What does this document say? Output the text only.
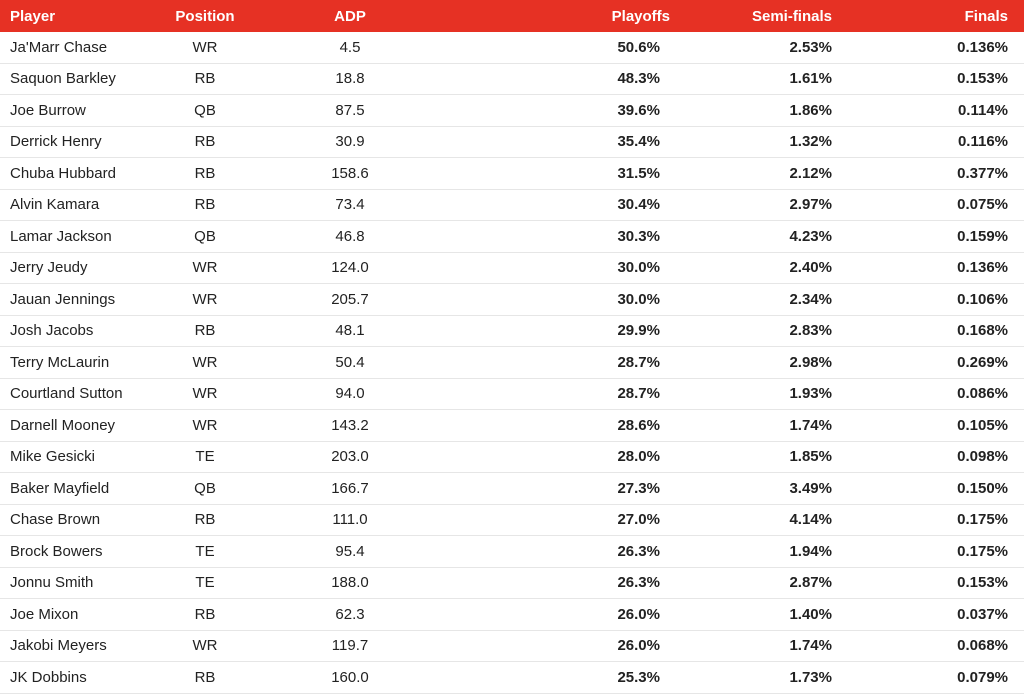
Player	Position	ADP	Playoffs	Semi-finals	Finals
Ja'Marr Chase	WR	4.5	50.6%	2.53%	0.136%
Saquon Barkley	RB	18.8	48.3%	1.61%	0.153%
Joe Burrow	QB	87.5	39.6%	1.86%	0.114%
Derrick Henry	RB	30.9	35.4%	1.32%	0.116%
Chuba Hubbard	RB	158.6	31.5%	2.12%	0.377%
Alvin Kamara	RB	73.4	30.4%	2.97%	0.075%
Lamar Jackson	QB	46.8	30.3%	4.23%	0.159%
Jerry Jeudy	WR	124.0	30.0%	2.40%	0.136%
Jauan Jennings	WR	205.7	30.0%	2.34%	0.106%
Josh Jacobs	RB	48.1	29.9%	2.83%	0.168%
Terry McLaurin	WR	50.4	28.7%	2.98%	0.269%
Courtland Sutton	WR	94.0	28.7%	1.93%	0.086%
Darnell Mooney	WR	143.2	28.6%	1.74%	0.105%
Mike Gesicki	TE	203.0	28.0%	1.85%	0.098%
Baker Mayfield	QB	166.7	27.3%	3.49%	0.150%
Chase Brown	RB	111.0	27.0%	4.14%	0.175%
Brock Bowers	TE	95.4	26.3%	1.94%	0.175%
Jonnu Smith	TE	188.0	26.3%	2.87%	0.153%
Joe Mixon	RB	62.3	26.0%	1.40%	0.037%
Jakobi Meyers	WR	119.7	26.0%	1.74%	0.068%
JK Dobbins	RB	160.0	25.3%	1.73%	0.079%
